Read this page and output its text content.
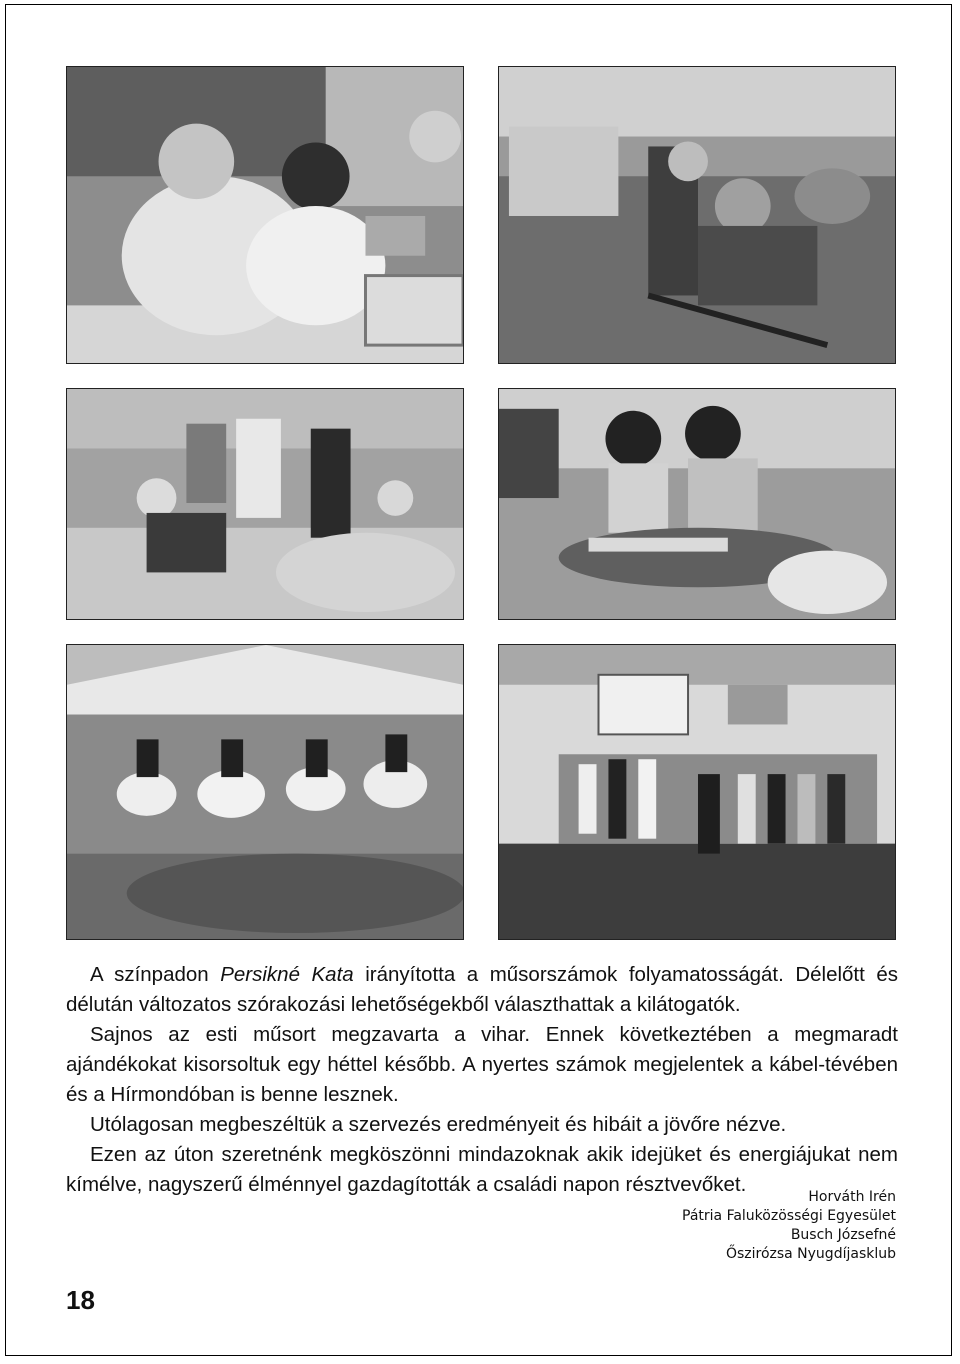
A színpadon Persikné Kata irányította a műsorszámok folyamatosságát. Délelőtt és délután változatos szórakozási lehetőségekből választhattak a kilátogatók.

Sajnos az esti műsort megzavarta a vihar. Ennek következtében a megmaradt ajándékokat kisorsoltuk egy héttel később. A nyertes számok megjelentek a kábel-tévében és a Hírmondóban is benne lesznek.

Utólagosan megbeszéltük a szervezés eredményeit és hibáit a jövőre nézve.

Ezen az úton szeretnénk megköszönni mindazoknak akik idejüket és energiájukat nem kímélve, nagyszerű élménnyel gazdagították a családi napon résztvevőket.

Horváth Irén
Pátria Faluközösségi Egyesület
Busch Józsefné
Őszirózsa Nyugdíjasklub
18
